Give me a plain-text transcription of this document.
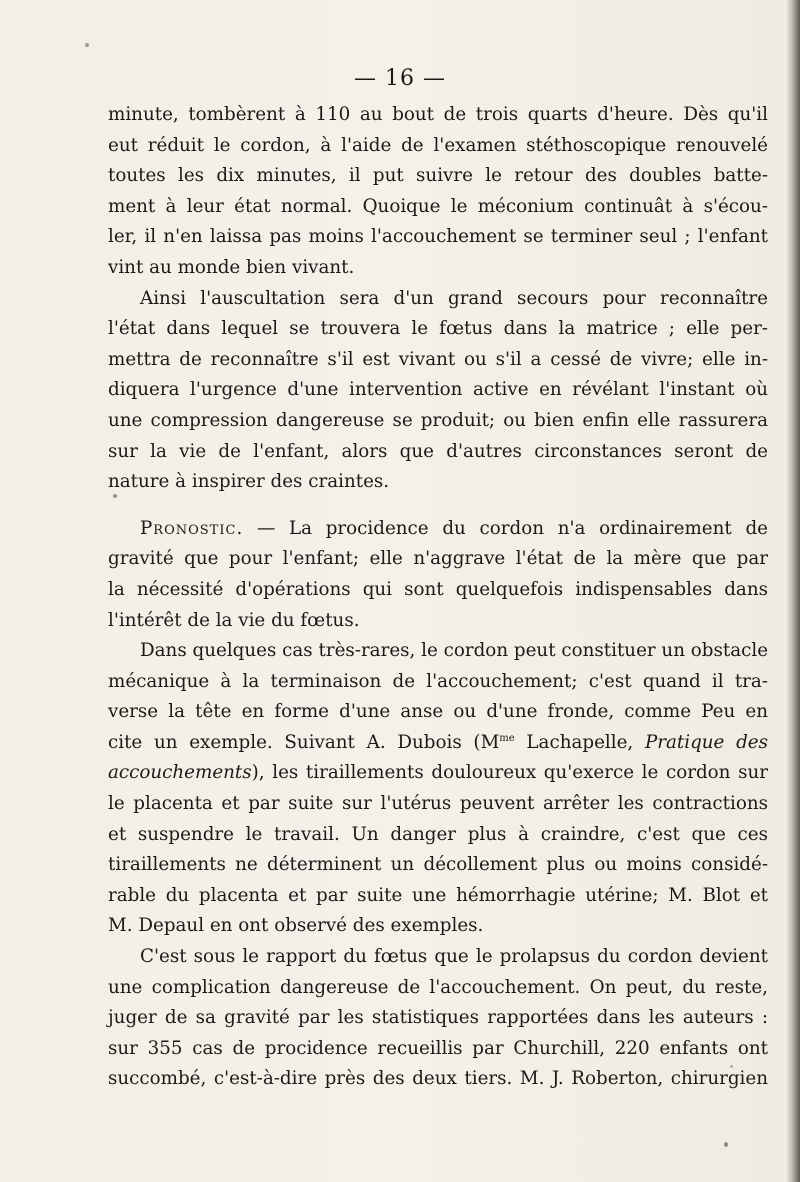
— 16 —
minute, tombèrent à 110 au bout de trois quarts d'heure. Dès qu'il
eut réduit le cordon, à l'aide de l'examen stéthoscopique renouvelé
toutes les dix minutes, il put suivre le retour des doubles batte-
ment à leur état normal. Quoique le méconium continuât à s'écou-
ler, il n'en laissa pas moins l'accouchement se terminer seul ; l'enfant
vint au monde bien vivant.
Ainsi l'auscultation sera d'un grand secours pour reconnaître
l'état dans lequel se trouvera le fœtus dans la matrice ; elle per-
mettra de reconnaître s'il est vivant ou s'il a cessé de vivre; elle in-
diquera l'urgence d'une intervention active en révélant l'instant où
une compression dangereuse se produit; ou bien enfin elle rassurera
sur la vie de l'enfant, alors que d'autres circonstances seront de
nature à inspirer des craintes.
Pronostic. — La procidence du cordon n'a ordinairement de
gravité que pour l'enfant; elle n'aggrave l'état de la mère que par
la nécessité d'opérations qui sont quelquefois indispensables dans
l'intérêt de la vie du fœtus.
Dans quelques cas très-rares, le cordon peut constituer un obstacle
mécanique à la terminaison de l'accouchement; c'est quand il tra-
verse la tête en forme d'une anse ou d'une fronde, comme Peu en
cite un exemple. Suivant A. Dubois ($M^{me}$ Lachapelle, Pratique des
accouchements), les tiraillements douloureux qu'exerce le cordon sur
le placenta et par suite sur l'utérus peuvent arrêter les contractions
et suspendre le travail. Un danger plus à craindre, c'est que ces
tiraillements ne déterminent un décollement plus ou moins considé-
rable du placenta et par suite une hémorrhagie utérine; M. Blot et
M. Depaul en ont observé des exemples.
C'est sous le rapport du fœtus que le prolapsus du cordon devient
une complication dangereuse de l'accouchement. On peut, du reste,
juger de sa gravité par les statistiques rapportées dans les auteurs :
sur 355 cas de procidence recueillis par Churchill, 220 enfants ont
succombé, c'est-à-dire près des deux tiers. M. J. Roberton, chirurgien
